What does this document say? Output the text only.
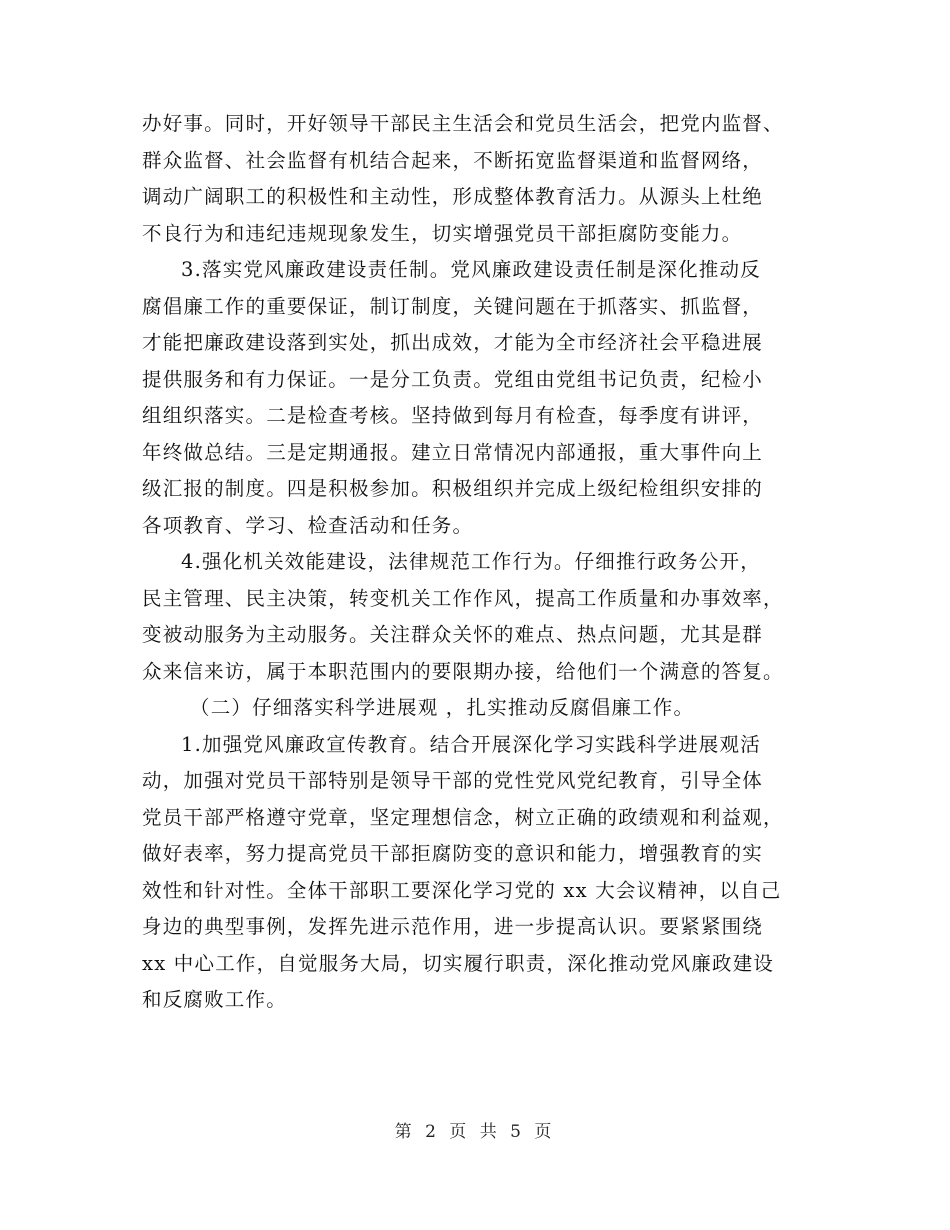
办好事。同时，开好领导干部民主生活会和党员生活会，把党内监督、
群众监督、社会监督有机结合起来，不断拓宽监督渠道和监督网络，
调动广阔职工的积极性和主动性，形成整体教育活力。从源头上杜绝
不良行为和违纪违规现象发生，切实增强党员干部拒腐防变能力。
3.落实党风廉政建设责任制。党风廉政建设责任制是深化推动反
腐倡廉工作的重要保证，制订制度，关键问题在于抓落实、抓监督，
才能把廉政建设落到实处，抓出成效，才能为全市经济社会平稳进展
提供服务和有力保证。一是分工负责。党组由党组书记负责，纪检小
组组织落实。二是检查考核。坚持做到每月有检查，每季度有讲评，
年终做总结。三是定期通报。建立日常情况内部通报，重大事件向上
级汇报的制度。四是积极参加。积极组织并完成上级纪检组织安排的
各项教育、学习、检查活动和任务。
4.强化机关效能建设，法律规范工作行为。仔细推行政务公开，
民主管理、民主决策，转变机关工作作风，提高工作质量和办事效率，
变被动服务为主动服务。关注群众关怀的难点、热点问题，尤其是群
众来信来访，属于本职范围内的要限期办接，给他们一个满意的答复。
（二）仔细落实科学进展观 ，扎实推动反腐倡廉工作。
1.加强党风廉政宣传教育。结合开展深化学习实践科学进展观活
动，加强对党员干部特别是领导干部的党性党风党纪教育，引导全体
党员干部严格遵守党章，坚定理想信念，树立正确的政绩观和利益观，
做好表率，努力提高党员干部拒腐防变的意识和能力，增强教育的实
效性和针对性。全体干部职工要深化学习党的 xx 大会议精神，以自己
身边的典型事例，发挥先进示范作用，进一步提高认识。要紧紧围绕
xx 中心工作，自觉服务大局，切实履行职责，深化推动党风廉政建设
和反腐败工作。
第 2 页 共 5 页
